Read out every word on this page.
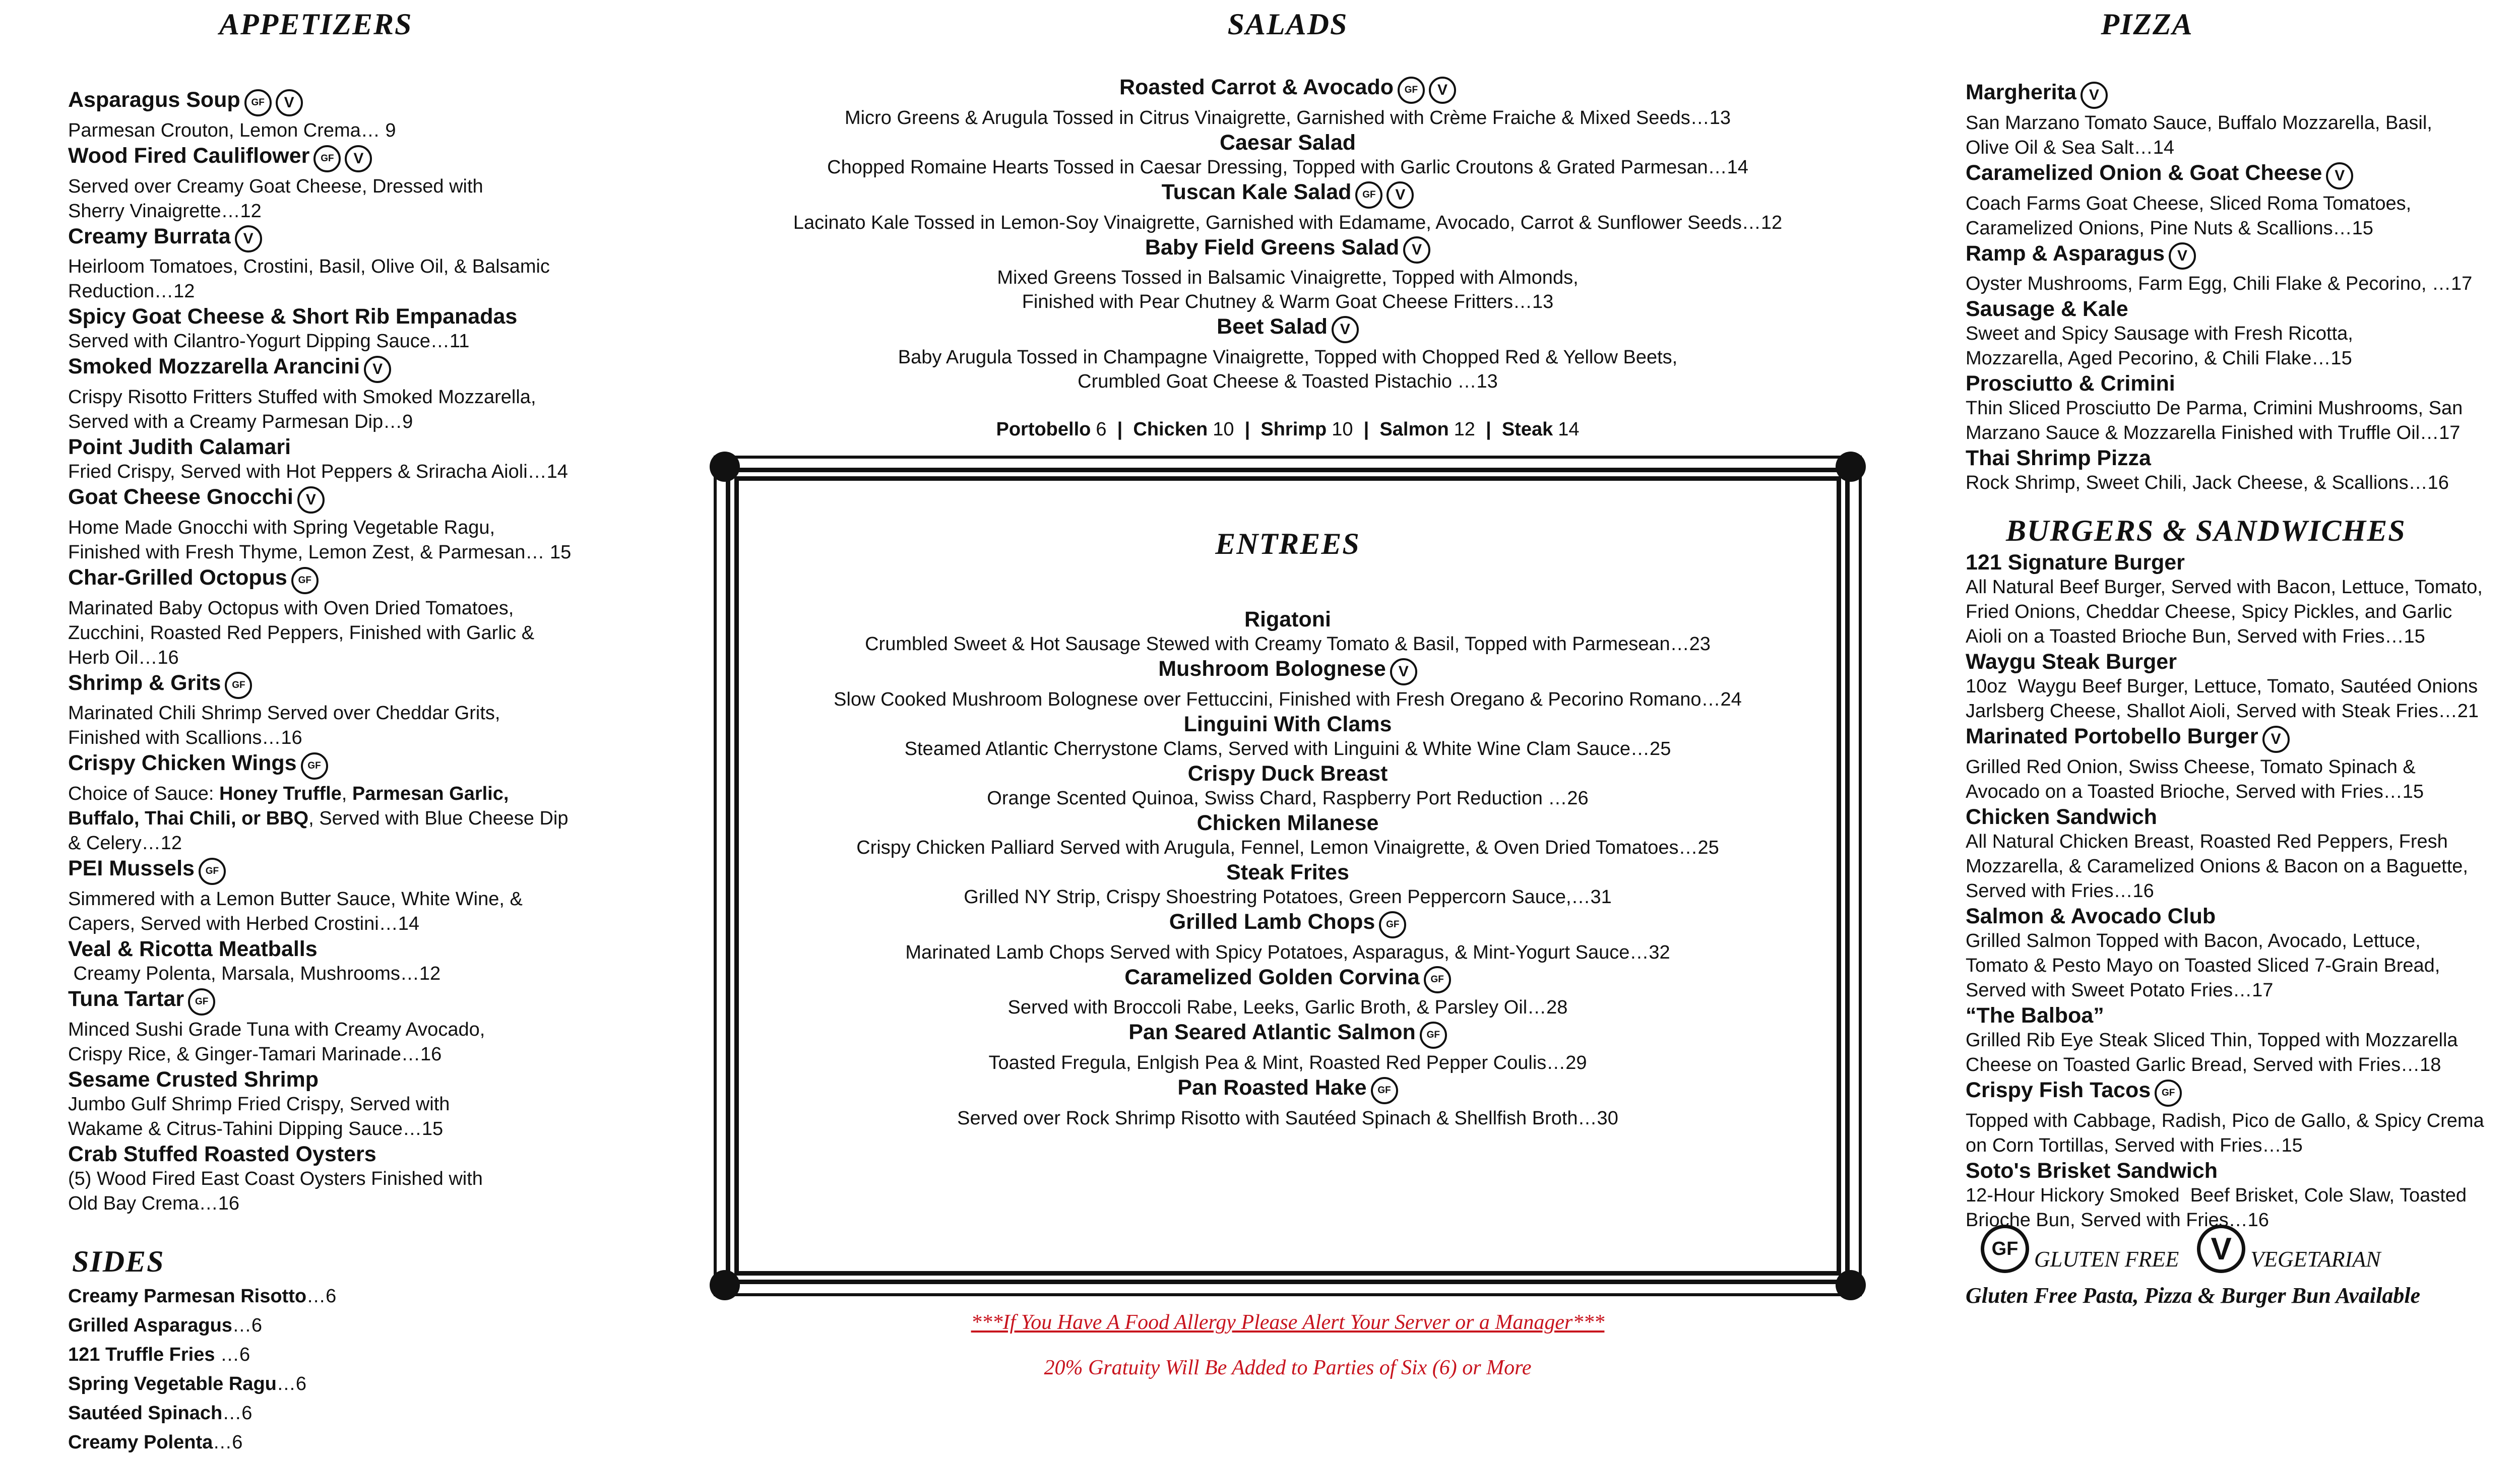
APPETIZERS
Asparagus Soup GF V
Parmesan Crouton, Lemon Crema… 9
Wood Fired Cauliflower GF V
Served over Creamy Goat Cheese, Dressed with
Sherry Vinaigrette…12
Creamy Burrata V
Heirloom Tomatoes, Crostini, Basil, Olive Oil, & Balsamic
Reduction…12
Spicy Goat Cheese & Short Rib Empanadas
Served with Cilantro-Yogurt Dipping Sauce…11
Smoked Mozzarella Arancini V
Crispy Risotto Fritters Stuffed with Smoked Mozzarella,
Served with a Creamy Parmesan Dip…9
Point Judith Calamari
Fried Crispy, Served with Hot Peppers & Sriracha Aioli…14
Goat Cheese Gnocchi V
Home Made Gnocchi with Spring Vegetable Ragu,
Finished with Fresh Thyme, Lemon Zest, & Parmesan… 15
Char-Grilled Octopus GF
Marinated Baby Octopus with Oven Dried Tomatoes,
Zucchini, Roasted Red Peppers, Finished with Garlic &
Herb Oil…16
Shrimp & Grits GF
Marinated Chili Shrimp Served over Cheddar Grits,
Finished with Scallions…16
Crispy Chicken Wings GF
Choice of Sauce: Honey Truffle, Parmesan Garlic,
Buffalo, Thai Chili, or BBQ, Served with Blue Cheese Dip
& Celery…12
PEI Mussels GF
Simmered with a Lemon Butter Sauce, White Wine, &
Capers, Served with Herbed Crostini…14
Veal & Ricotta Meatballs
Creamy Polenta, Marsala, Mushrooms…12
Tuna Tartar GF
Minced Sushi Grade Tuna with Creamy Avocado,
Crispy Rice, & Ginger-Tamari Marinade…16
Sesame Crusted Shrimp
Jumbo Gulf Shrimp Fried Crispy, Served with
Wakame & Citrus-Tahini Dipping Sauce…15
Crab Stuffed Roasted Oysters
(5) Wood Fired East Coast Oysters Finished with
Old Bay Crema…16
SIDES
Creamy Parmesan Risotto…6
Grilled Asparagus…6
121 Truffle Fries …6
Spring Vegetable Ragu…6
Sautéed Spinach…6
Creamy Polenta…6
SALADS
Roasted Carrot & Avocado GF V
Micro Greens & Arugula Tossed in Citrus Vinaigrette, Garnished with Crème Fraiche & Mixed Seeds…13
Caesar Salad
Chopped Romaine Hearts Tossed in Caesar Dressing, Topped with Garlic Croutons & Grated Parmesan…14
Tuscan Kale Salad GF V
Lacinato Kale Tossed in Lemon-Soy Vinaigrette, Garnished with Edamame, Avocado, Carrot & Sunflower Seeds…12
Baby Field Greens Salad V
Mixed Greens Tossed in Balsamic Vinaigrette, Topped with Almonds,
Finished with Pear Chutney & Warm Goat Cheese Fritters…13
Beet Salad V
Baby Arugula Tossed in Champagne Vinaigrette, Topped with Chopped Red & Yellow Beets,
Crumbled Goat Cheese & Toasted Pistachio …13
Portobello 6  |  Chicken 10  |  Shrimp 10  |  Salmon 12  |  Steak 14
ENTREES
Rigatoni
Crumbled Sweet & Hot Sausage Stewed with Creamy Tomato & Basil, Topped with Parmesean…23
Mushroom Bolognese V
Slow Cooked Mushroom Bolognese over Fettuccini, Finished with Fresh Oregano & Pecorino Romano…24
Linguini With Clams
Steamed Atlantic Cherrystone Clams, Served with Linguini & White Wine Clam Sauce…25
Crispy Duck Breast
Orange Scented Quinoa, Swiss Chard, Raspberry Port Reduction …26
Chicken Milanese
Crispy Chicken Palliard Served with Arugula, Fennel, Lemon Vinaigrette, & Oven Dried Tomatoes…25
Steak Frites
Grilled NY Strip, Crispy Shoestring Potatoes, Green Peppercorn Sauce,…31
Grilled Lamb Chops GF
Marinated Lamb Chops Served with Spicy Potatoes, Asparagus, & Mint-Yogurt Sauce…32
Caramelized Golden Corvina GF
Served with Broccoli Rabe, Leeks, Garlic Broth, & Parsley Oil…28
Pan Seared Atlantic Salmon GF
Toasted Fregula, Enlgish Pea & Mint, Roasted Red Pepper Coulis…29
Pan Roasted Hake GF
Served over Rock Shrimp Risotto with Sautéed Spinach & Shellfish Broth…30
***If You Have A Food Allergy Please Alert Your Server or a Manager***
20% Gratuity Will Be Added to Parties of Six (6) or More
PIZZA
Margherita V
San Marzano Tomato Sauce, Buffalo Mozzarella, Basil,
Olive Oil & Sea Salt…14
Caramelized Onion & Goat Cheese V
Coach Farms Goat Cheese, Sliced Roma Tomatoes,
Caramelized Onions, Pine Nuts & Scallions…15
Ramp & Asparagus V
Oyster Mushrooms, Farm Egg, Chili Flake & Pecorino, …17
Sausage & Kale
Sweet and Spicy Sausage with Fresh Ricotta,
Mozzarella, Aged Pecorino, & Chili Flake…15
Prosciutto & Crimini
Thin Sliced Prosciutto De Parma, Crimini Mushrooms, San
Marzano Sauce & Mozzarella Finished with Truffle Oil…17
Thai Shrimp Pizza
Rock Shrimp, Sweet Chili, Jack Cheese, & Scallions…16
BURGERS & SANDWICHES
121 Signature Burger
All Natural Beef Burger, Served with Bacon, Lettuce, Tomato,
Fried Onions, Cheddar Cheese, Spicy Pickles, and Garlic
Aioli on a Toasted Brioche Bun, Served with Fries…15
Waygu Steak Burger
10oz  Waygu Beef Burger, Lettuce, Tomato, Sautéed Onions
Jarlsberg Cheese, Shallot Aioli, Served with Steak Fries…21
Marinated Portobello Burger V
Grilled Red Onion, Swiss Cheese, Tomato Spinach &
Avocado on a Toasted Brioche, Served with Fries…15
Chicken Sandwich
All Natural Chicken Breast, Roasted Red Peppers, Fresh
Mozzarella, & Caramelized Onions & Bacon on a Baguette,
Served with Fries…16
Salmon & Avocado Club
Grilled Salmon Topped with Bacon, Avocado, Lettuce,
Tomato & Pesto Mayo on Toasted Sliced 7-Grain Bread,
Served with Sweet Potato Fries…17
“The Balboa”
Grilled Rib Eye Steak Sliced Thin, Topped with Mozzarella
Cheese on Toasted Garlic Bread, Served with Fries…18
Crispy Fish Tacos GF
Topped with Cabbage, Radish, Pico de Gallo, & Spicy Crema
on Corn Tortillas, Served with Fries…15
Soto's Brisket Sandwich
12-Hour Hickory Smoked  Beef Brisket, Cole Slaw, Toasted
Brioche Bun, Served with Fries…16
GF GLUTEN FREE	V VEGETARIAN
Gluten Free Pasta, Pizza & Burger Bun Available
